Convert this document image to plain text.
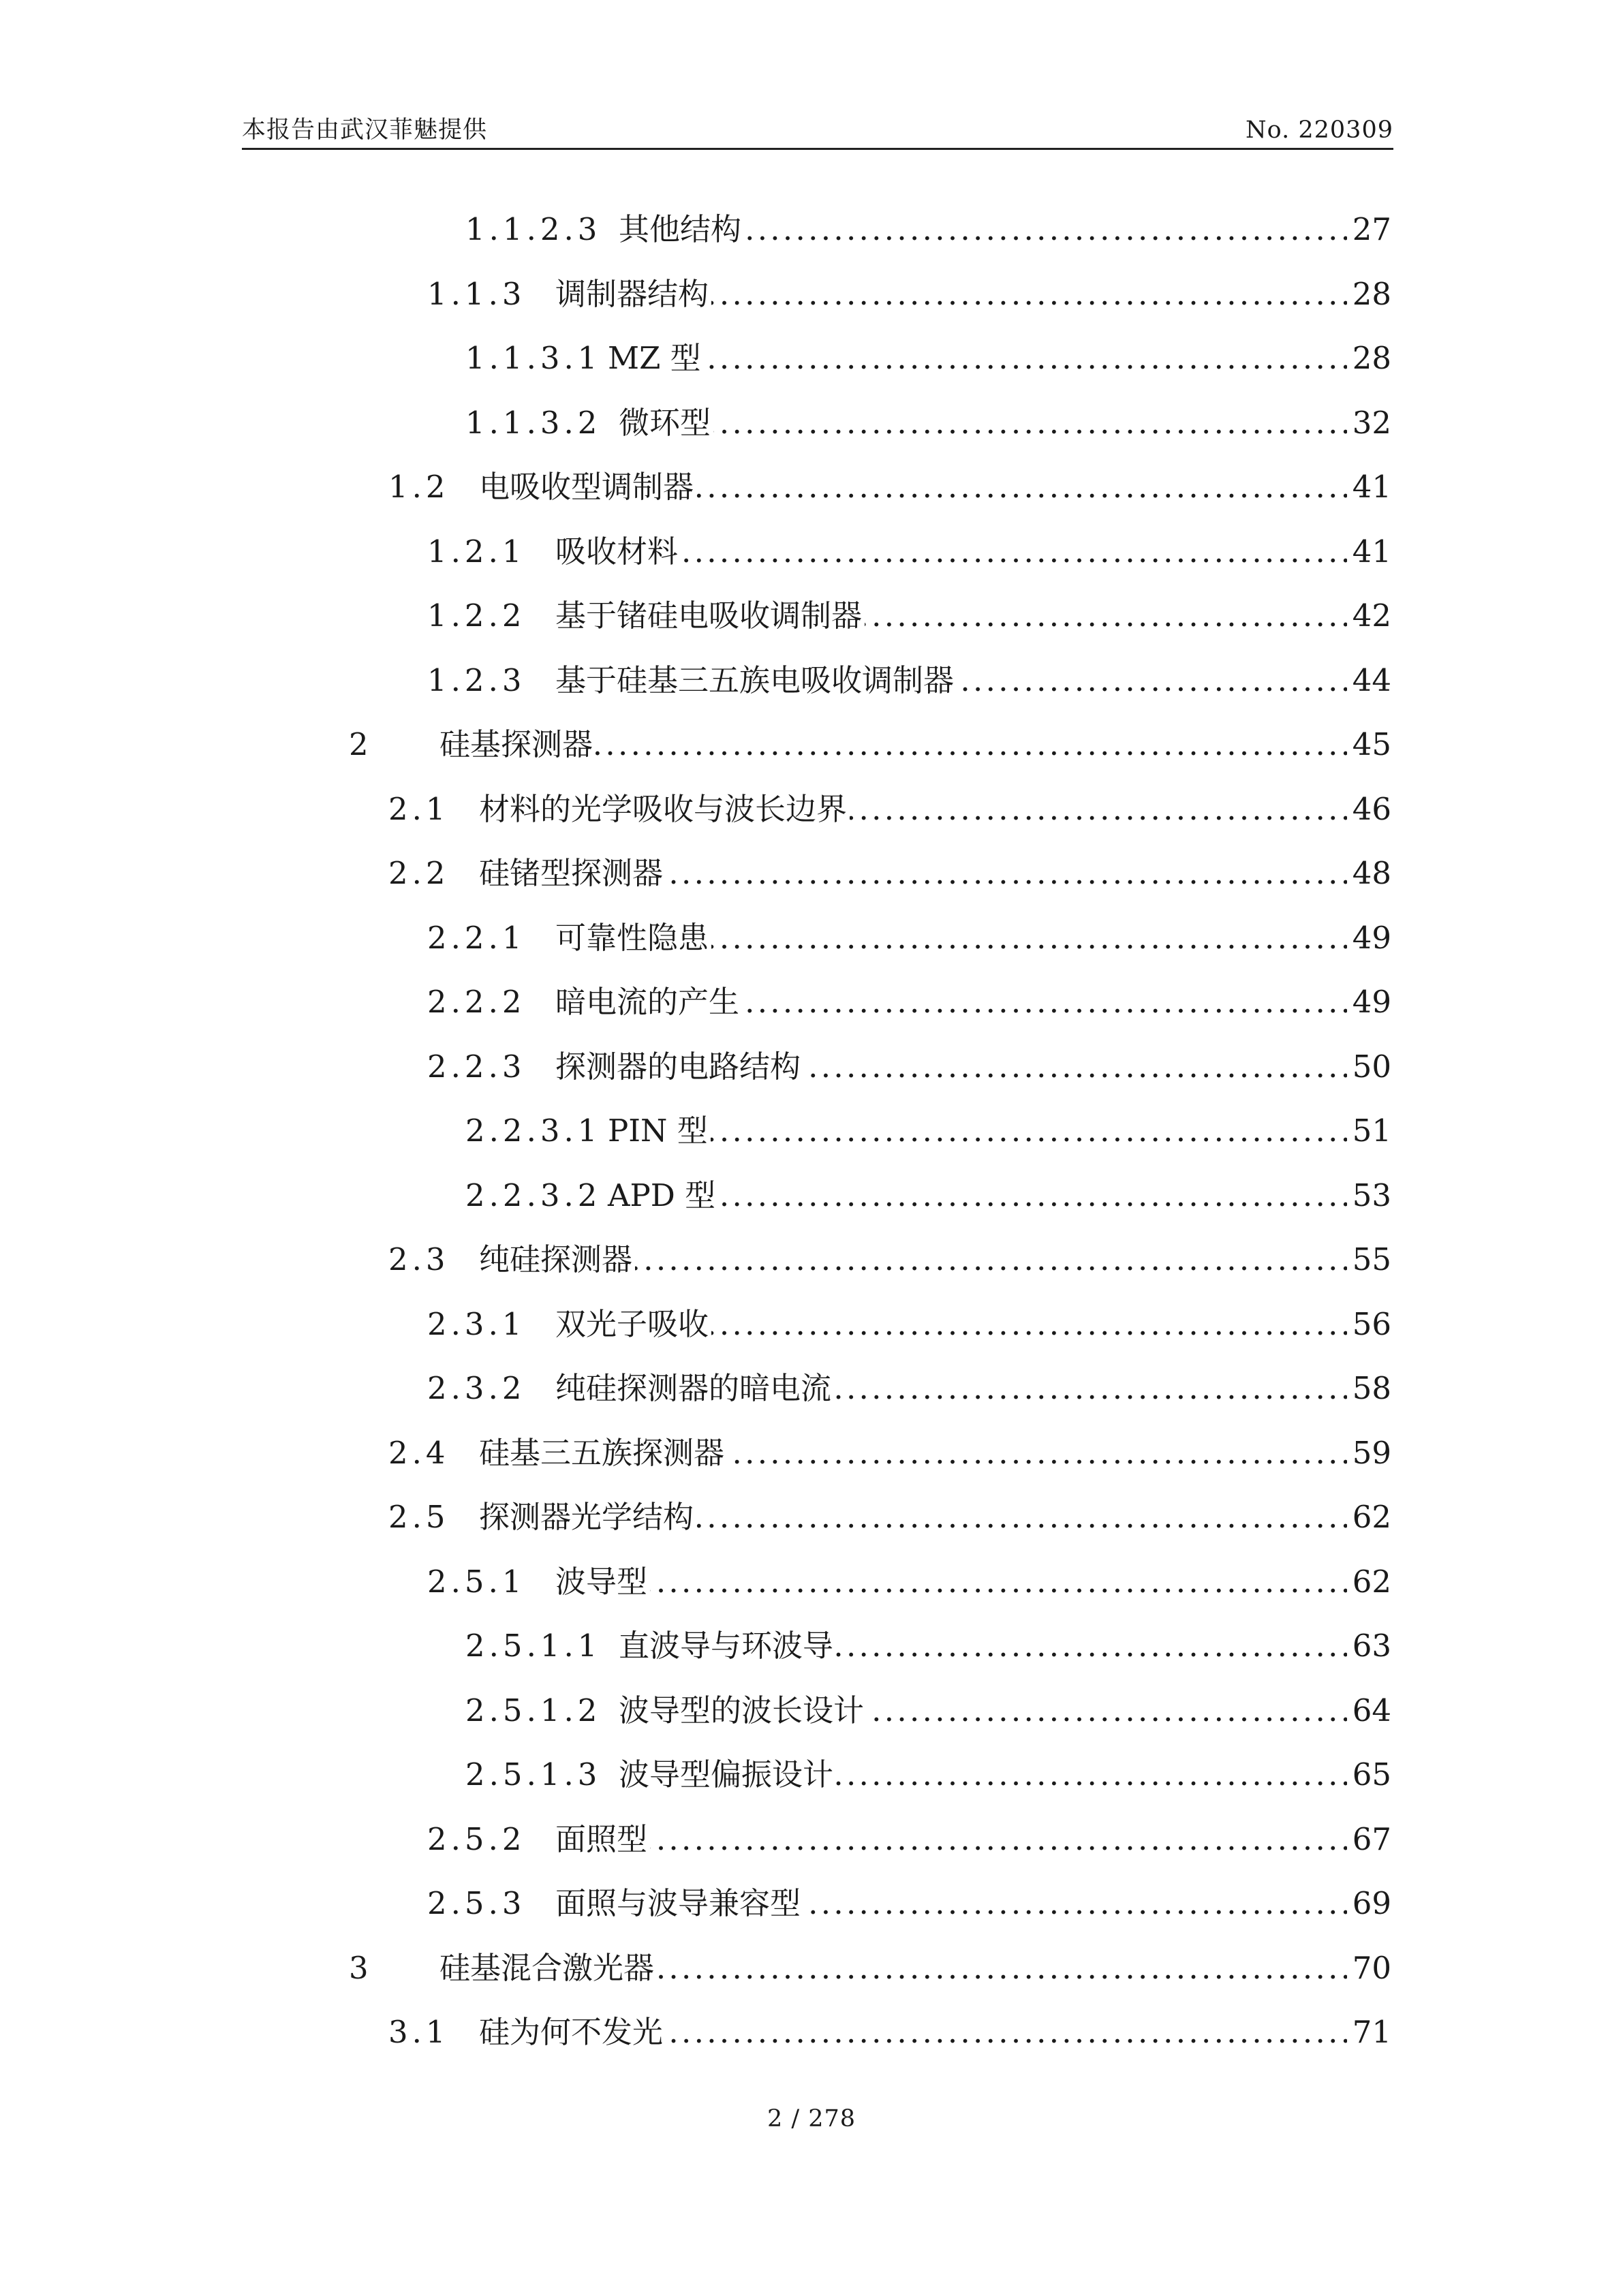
本报告由武汉菲魅提供	No. 220309
1.1.2.3 其他结构 . . .	27
1.1.3 调制器结构 . . .	28
1.1.3.1 MZ 型 . . .	28
1.1.3.2 微环型 . . .	32
1.2 电吸收型调制器 . . .	41
1.2.1 吸收材料 . . .	41
1.2.2 基于锗硅电吸收调制器 . . .	42
1.2.3 基于硅基三五族电吸收调制器 . . .	44
2 硅基探测器 . . .	45
2.1 材料的光学吸收与波长边界 . . .	46
2.2 硅锗型探测器 . . .	48
2.2.1 可靠性隐患 . . .	49
2.2.2 暗电流的产生 . . .	49
2.2.3 探测器的电路结构 . . .	50
2.2.3.1 PIN 型 . . .	51
2.2.3.2 APD 型 . . .	53
2.3 纯硅探测器 . . .	55
2.3.1 双光子吸收 . . .	56
2.3.2 纯硅探测器的暗电流 . . .	58
2.4 硅基三五族探测器 . . .	59
2.5 探测器光学结构 . . .	62
2.5.1 波导型 . . .	62
2.5.1.1 直波导与环波导 . . .	63
2.5.1.2 波导型的波长设计 . . .	64
2.5.1.3 波导型偏振设计 . . .	65
2.5.2 面照型 . . .	67
2.5.3 面照与波导兼容型 . . .	69
3 硅基混合激光器 . . .	70
3.1 硅为何不发光 . . .	71
2 / 278
